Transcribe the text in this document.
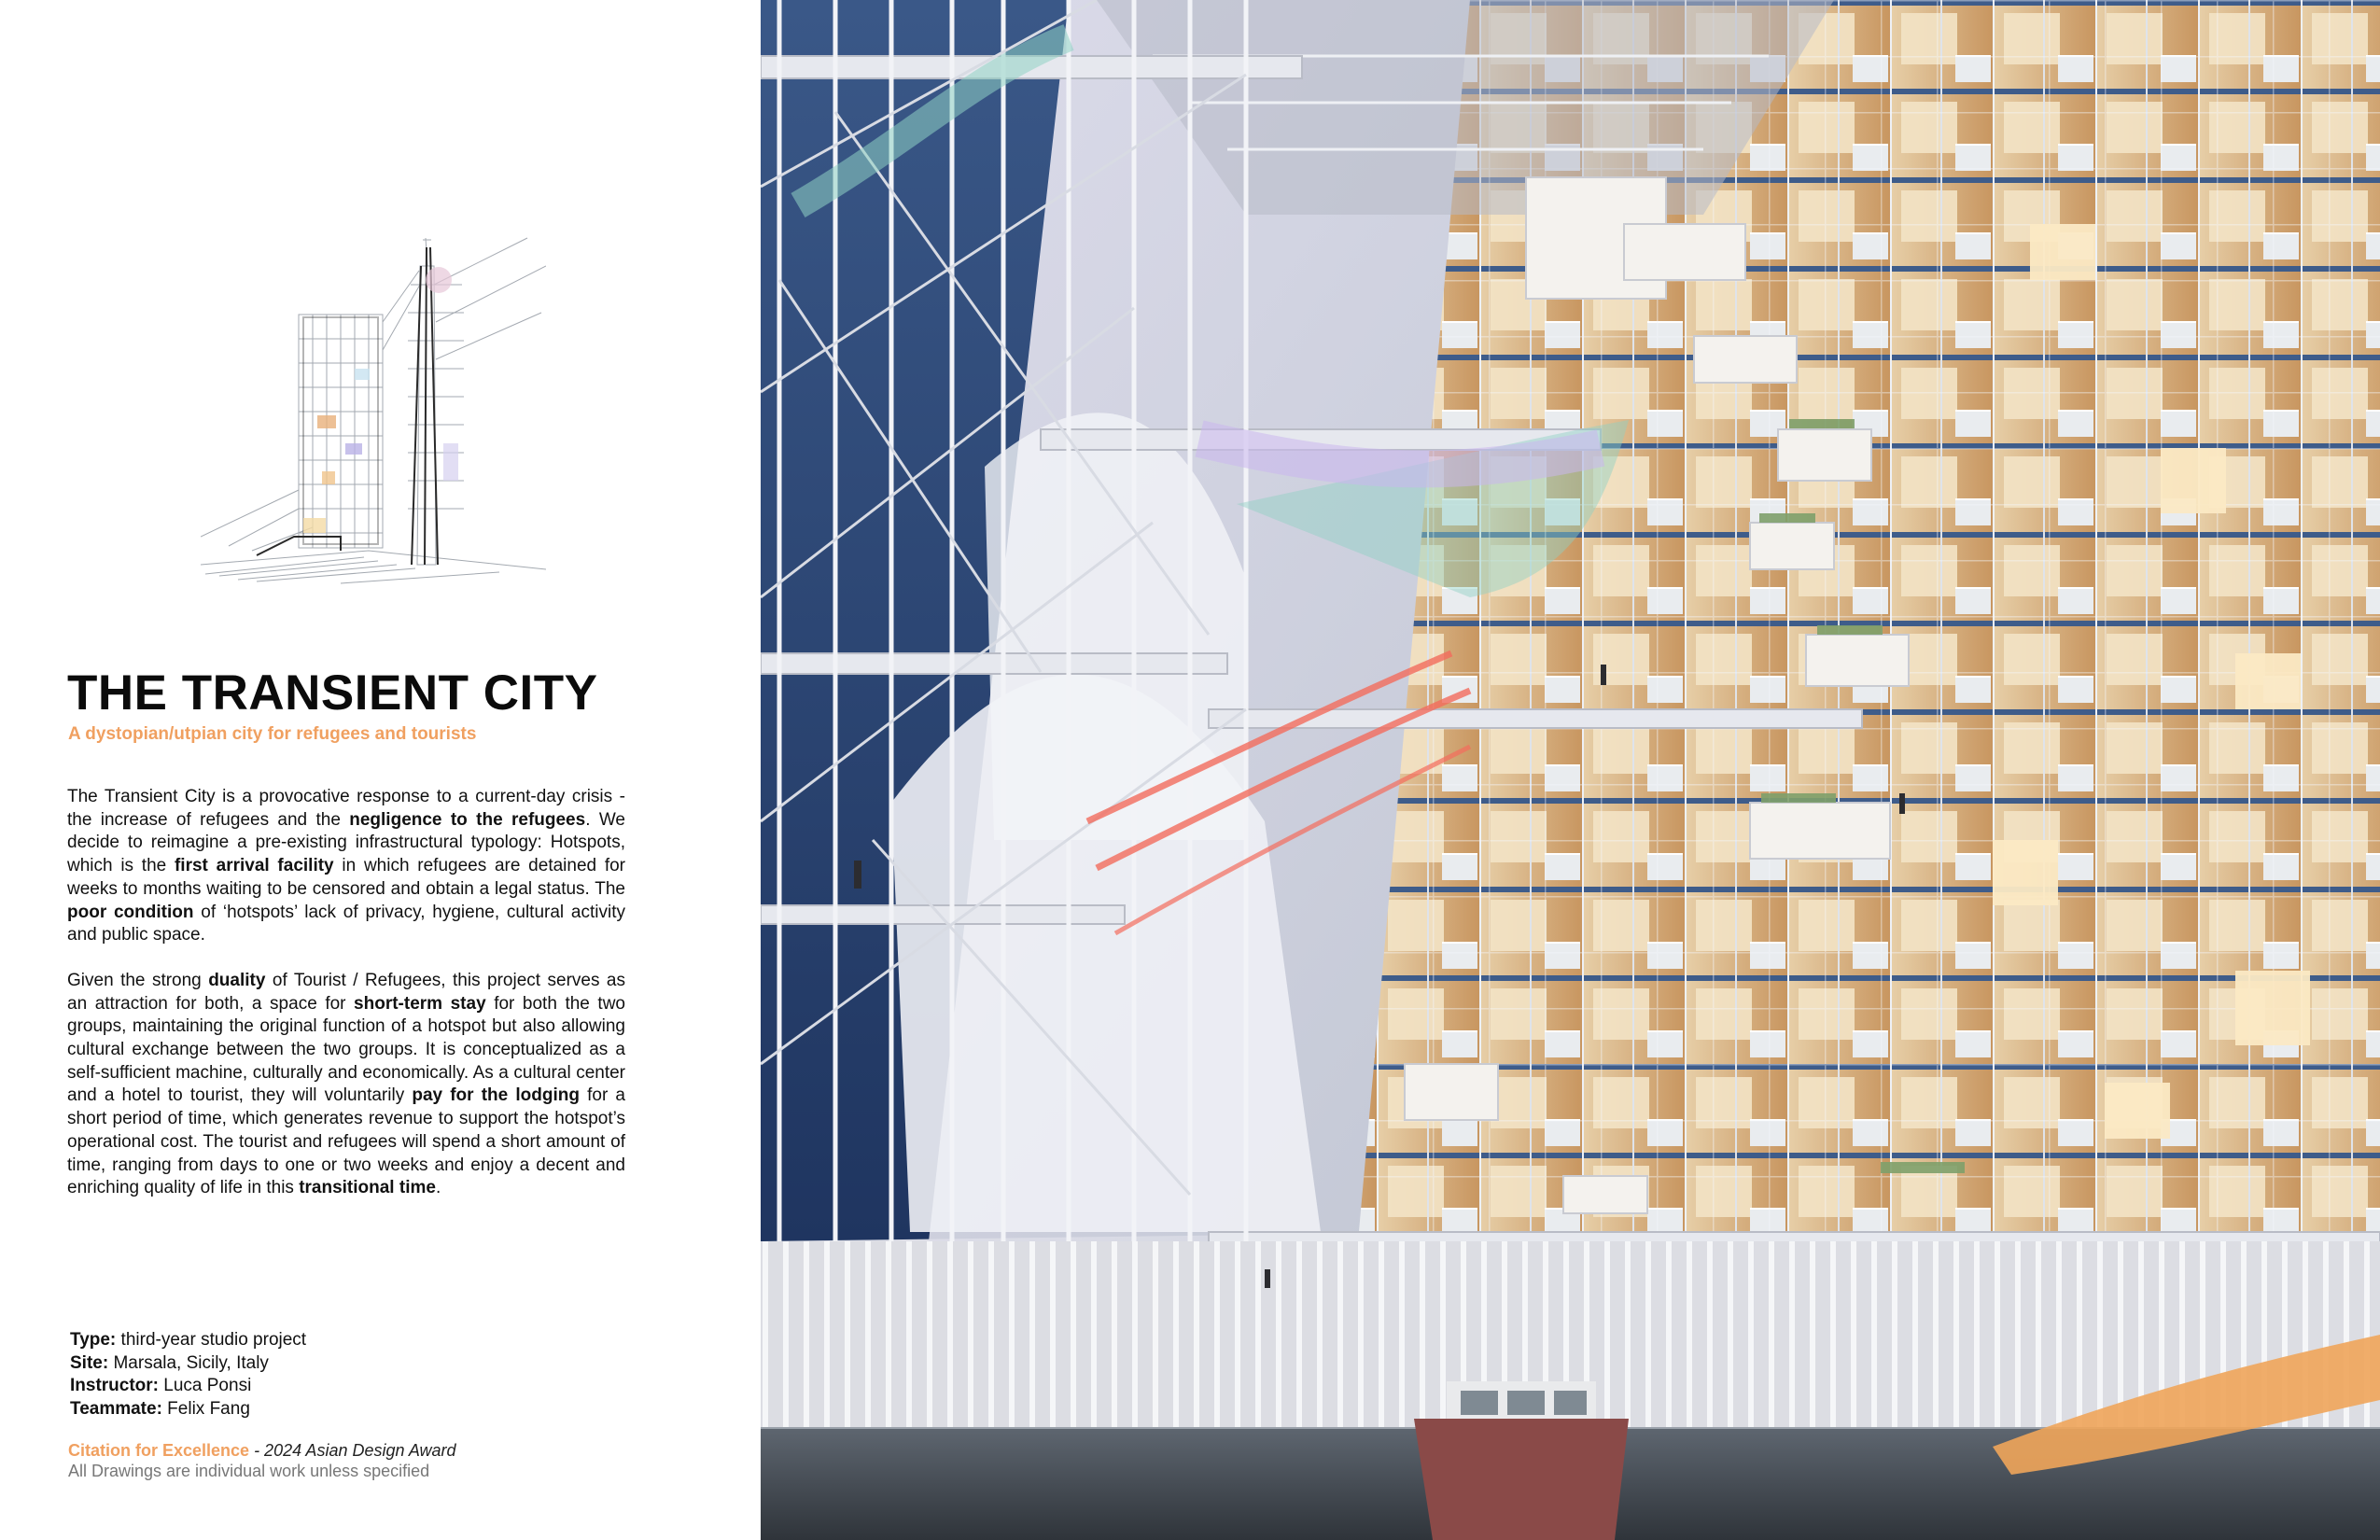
THE TRANSIENT CITY
A dystopian/utpian city for refugees and tourists

The Transient City is a provocative response to a current-day crisis - the increase of refugees and the negligence to the refugees. We decide to reimagine a pre-existing infrastructural typology: Hotspots, which is the first arrival facility in which refugees are detained for weeks to months waiting to be censored and obtain a legal status. The poor condition of ‘hotspots’ lack of privacy, hygiene, cultural activity and public space.

Given the strong duality of Tourist / Refugees, this project serves as an attraction for both, a space for short-term stay for both the two groups, maintaining the original function of a hotspot but also allowing cultural exchange between the two groups. It is conceptualized as a self-sufficient machine, culturally and economically. As a cultural center and a hotel to tourist, they will voluntarily pay for the lodging for a short period of time, which generates revenue to support the hotspot’s operational cost. The tourist and refugees will spend a short amount of time, ranging from days to one or two weeks and enjoy a decent and enriching quality of life in this transitional time.

Type: third-year studio project
Site: Marsala, Sicily, Italy
Instructor: Luca Ponsi
Teammate: Felix Fang
Citation for Excellence - 2024 Asian Design Award
All Drawings are individual work unless specified
